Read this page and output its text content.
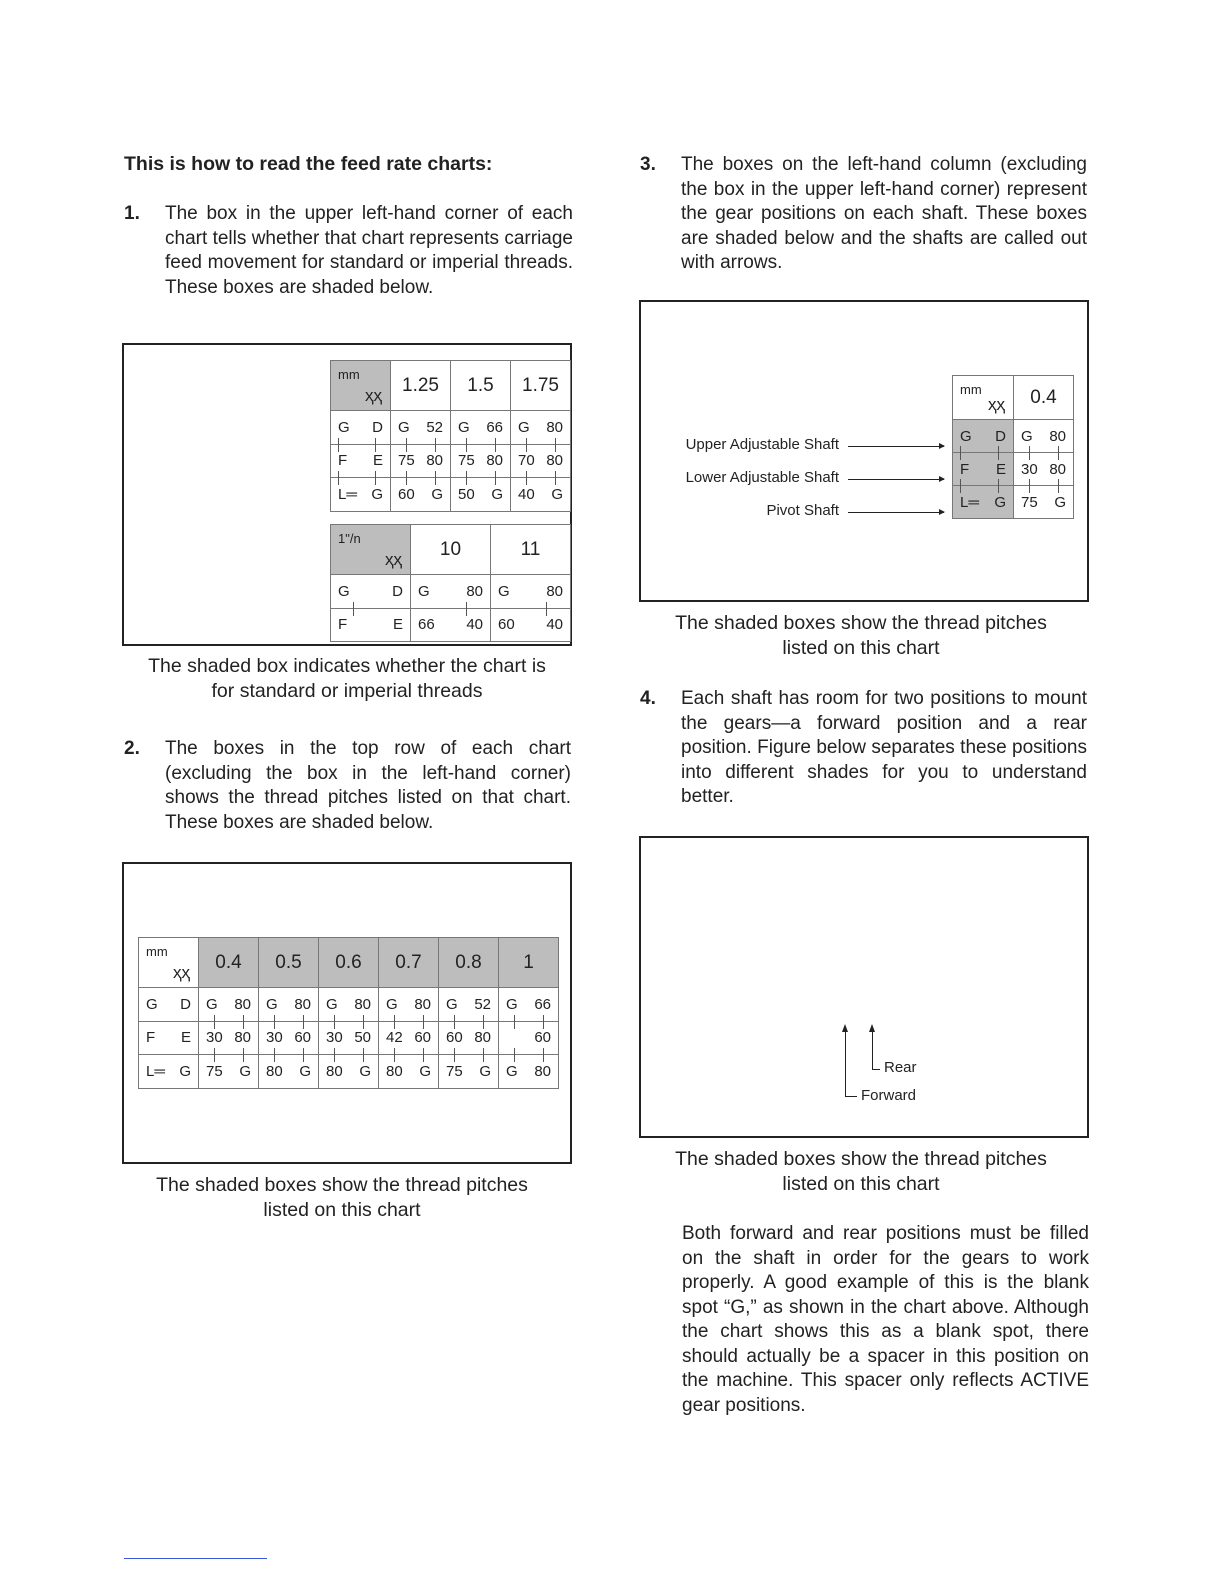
This is how to read the feed rate charts:
1. The box in the upper left-hand corner of each chart tells whether that chart represents carriage feed movement for standard or imperial threads. These boxes are shaded below.
mm
ҳҳ	1.25	1.5	1.75

G D	G 52	G 66	G 80

F E	75 80	75 80	70 80

L═ G	60 G	50 G	40 G
1"/n
ҳҳ	10	11

G D	G 80	G 80

F E	66 40	60 40
The shaded box indicates whether the chart is
for standard or imperial threads
2. The boxes in the top row of each chart (excluding the box in the left-hand corner) shows the thread pitches listed on that chart. These boxes are shaded below.
mm
ҳҳ	0.4	0.5	0.6	0.7	0.8	1

G D	G 80	G 80	G 80	G 80	G 52	G 66

F E	30 80	30 60	30 50	42 60	60 80	60

L═ G	75 G	80 G	80 G	80 G	75 G	G 80
The shaded boxes show the thread pitches
listed on this chart
3. The boxes on the left-hand column (excluding the box in the upper left-hand corner) represent the gear positions on each shaft. These boxes are shaded below and the shafts are called out with arrows.
mm
ҳҳ	0.4

G D	G 80

F E	30 80

L═ G	75 G
Upper Adjustable Shaft
Lower Adjustable Shaft
Pivot Shaft
The shaded boxes show the thread pitches
listed on this chart
4. Each shaft has room for two positions to mount the gears—a forward position and a rear position. Figure below separates these positions into different shades for you to understand better.
Forward
Rear
The shaded boxes show the thread pitches
listed on this chart
Both forward and rear positions must be filled on the shaft in order for the gears to work properly. A good example of this is the blank spot “G,” as shown in the chart above. Although the chart shows this as a blank spot, there should actually be a spacer in this position on the machine. This spacer only reflects ACTIVE gear positions.
